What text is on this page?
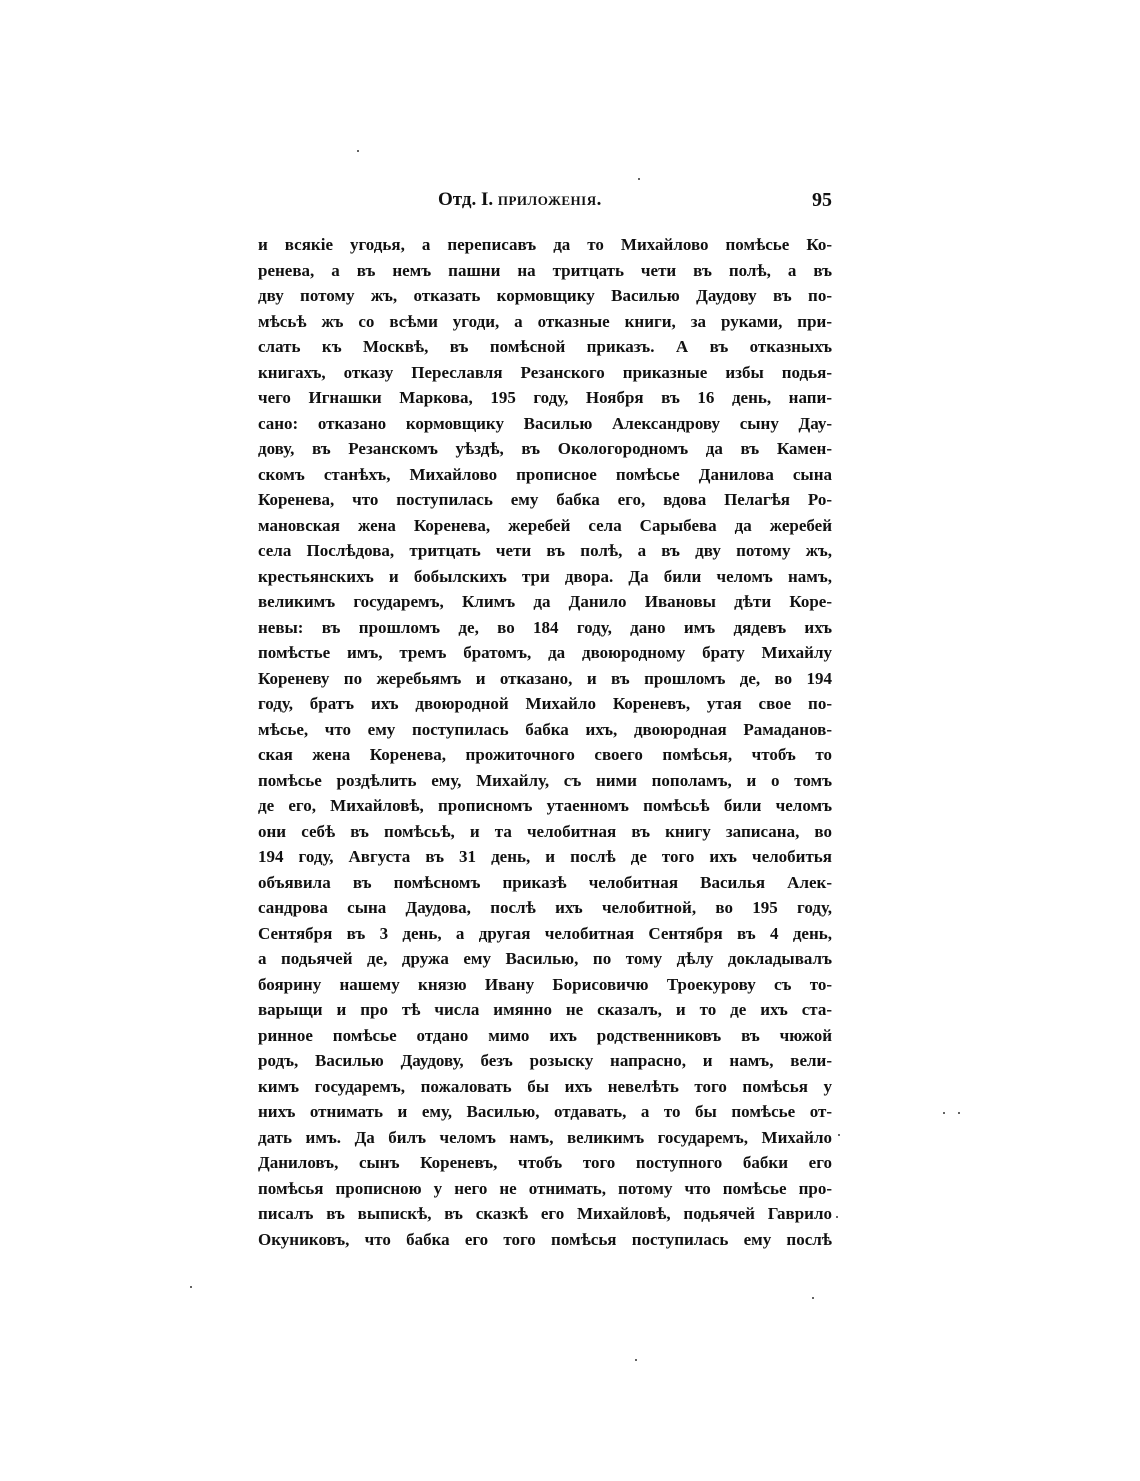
Отд. I. приложенія.	95
и всякіе угодья, а переписавъ да то Михайлово помѣсье Ко-
ренева, а въ немъ пашни на тритцать чети въ полѣ, а въ
дву потому жъ, отказать кормовщику Василью Даудову въ по-
мѣсьѣ жъ со всѣми угоди, а отказные книги, за руками, при-
слать къ Москвѣ, въ помѣсной приказъ. А въ отказныхъ
книгахъ, отказу Переславля Резанского приказные избы подья-
чего Игнашки Маркова, 195 году, Ноября въ 16 день, напи-
сано: отказано кормовщику Василью Александрову сыну Дау-
дову, въ Резанскомъ уѣздѣ, въ Окологородномъ да въ Камен-
скомъ станѣхъ, Михайлово прописное помѣсье Данилова сына
Коренева, что поступилась ему бабка его, вдова Пелагѣя Ро-
мановская жена Коренева, жеребей села Сарыбева да жеребей
села Послѣдова, тритцать чети въ полѣ, а въ дву потому жъ,
крестьянскихъ и бобылскихъ три двора. Да били челомъ намъ,
великимъ государемъ, Климъ да Данило Ивановы дѣти Коре-
невы: въ прошломъ де, во 184 году, дано имъ дядевъ ихъ
помѣстье имъ, тремъ братомъ, да двоюродному брату Михайлу
Кореневу по жеребьямъ и отказано, и въ прошломъ де, во 194
году, братъ ихъ двоюродной Михайло Кореневъ, утая свое по-
мѣсье, что ему поступилась бабка ихъ, двоюродная Рамаданов-
ская жена Коренева, прожиточного своего помѣсья, чтобъ то
помѣсье роздѣлить ему, Михайлу, съ ними пополамъ, и о томъ
де его, Михайловѣ, прописномъ утаенномъ помѣсьѣ били челомъ
они себѣ въ помѣсьѣ, и та челобитная въ книгу записана, во
194 году, Августа въ 31 день, и послѣ де того ихъ челобитья
объявила въ помѣсномъ приказѣ челобитная Василья Алек-
сандрова сына Даудова, послѣ ихъ челобитной, во 195 году,
Сентября въ 3 день, а другая челобитная Сентября въ 4 день,
а подьячей де, дружа ему Василью, по тому дѣлу докладывалъ
боярину нашему князю Ивану Борисовичю Троекурову съ то-
варыщи и про тѣ числа имянно не сказалъ, и то де ихъ ста-
ринное помѣсье отдано мимо ихъ родственниковъ въ чюжой
родъ, Василью Даудову, безъ розыску напрасно, и намъ, вели-
кимъ государемъ, пожаловать бы ихъ невелѣть того помѣсья у
нихъ отнимать и ему, Василью, отдавать, а то бы помѣсье от-
дать имъ. Да билъ челомъ намъ, великимъ государемъ, Михайло
Даниловъ, сынъ Кореневъ, чтобъ того поступного бабки его
помѣсья прописною у него не отнимать, потому что помѣсье про-
писалъ въ выпискѣ, въ сказкѣ его Михайловѣ, подьячей Гаврило
Окуниковъ, что бабка его того помѣсья поступилась ему послѣ
